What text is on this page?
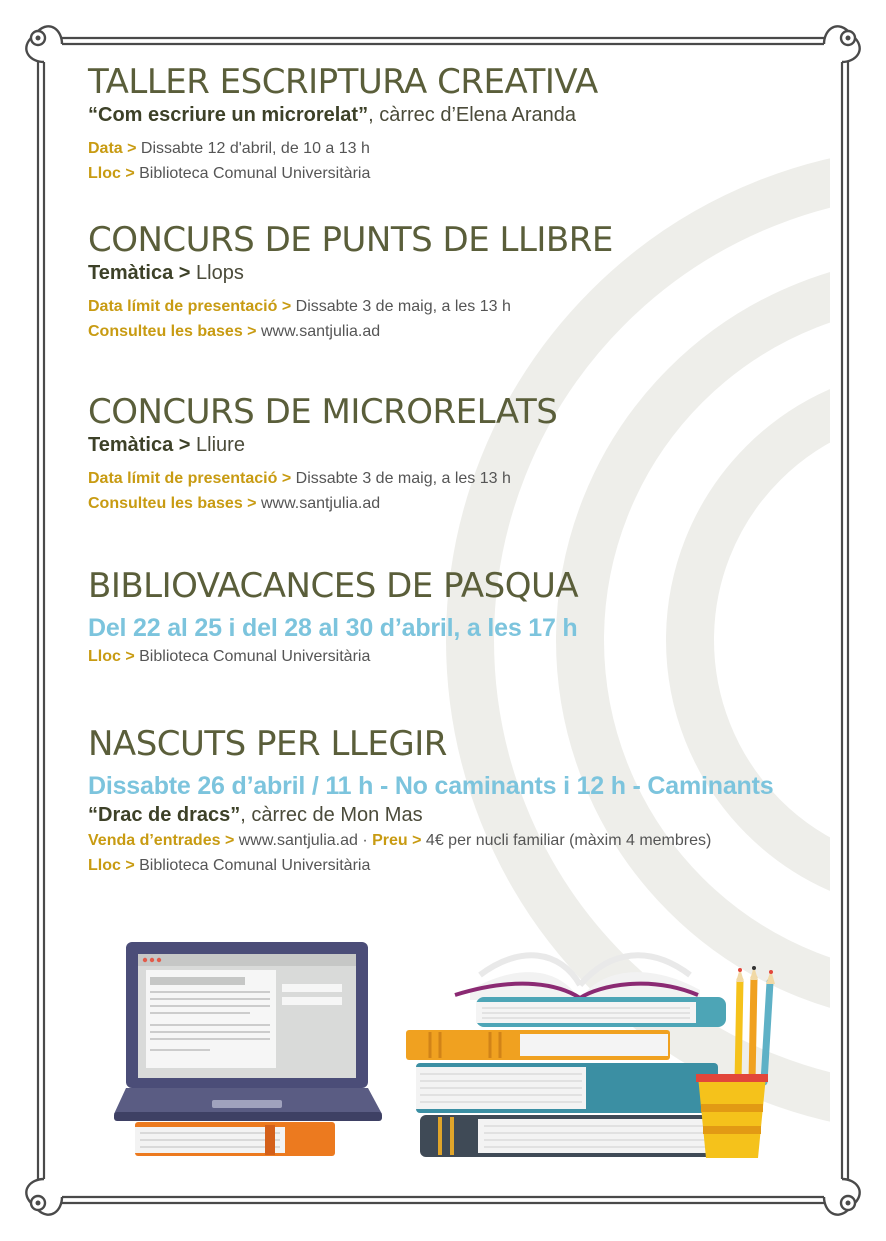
TALLER ESCRIPTURA CREATIVA
“Com escriure un microrelat”, càrrec d’Elena Aranda
Data > Dissabte 12 d'abril, de 10 a 13 h
Lloc > Biblioteca Comunal Universitària
CONCURS DE PUNTS DE LLIBRE
Temàtica > Llops
Data límit de presentació > Dissabte 3 de maig, a les 13 h
Consulteu les bases > www.santjulia.ad
CONCURS DE MICRORELATS
Temàtica > Lliure
Data límit de presentació > Dissabte 3 de maig, a les 13 h
Consulteu les bases > www.santjulia.ad
BIBLIOVACANCES DE PASQUA
Del 22 al 25 i del 28 al 30 d’abril, a les 17 h
Lloc > Biblioteca Comunal Universitària
NASCUTS PER LLEGIR
Dissabte 26 d’abril / 11 h - No caminants i 12 h - Caminants
“Drac de dracs”, càrrec de Mon Mas
Venda d’entrades > www.santjulia.ad · Preu > 4€ per nucli familiar (màxim 4 membres)
Lloc > Biblioteca Comunal Universitària
